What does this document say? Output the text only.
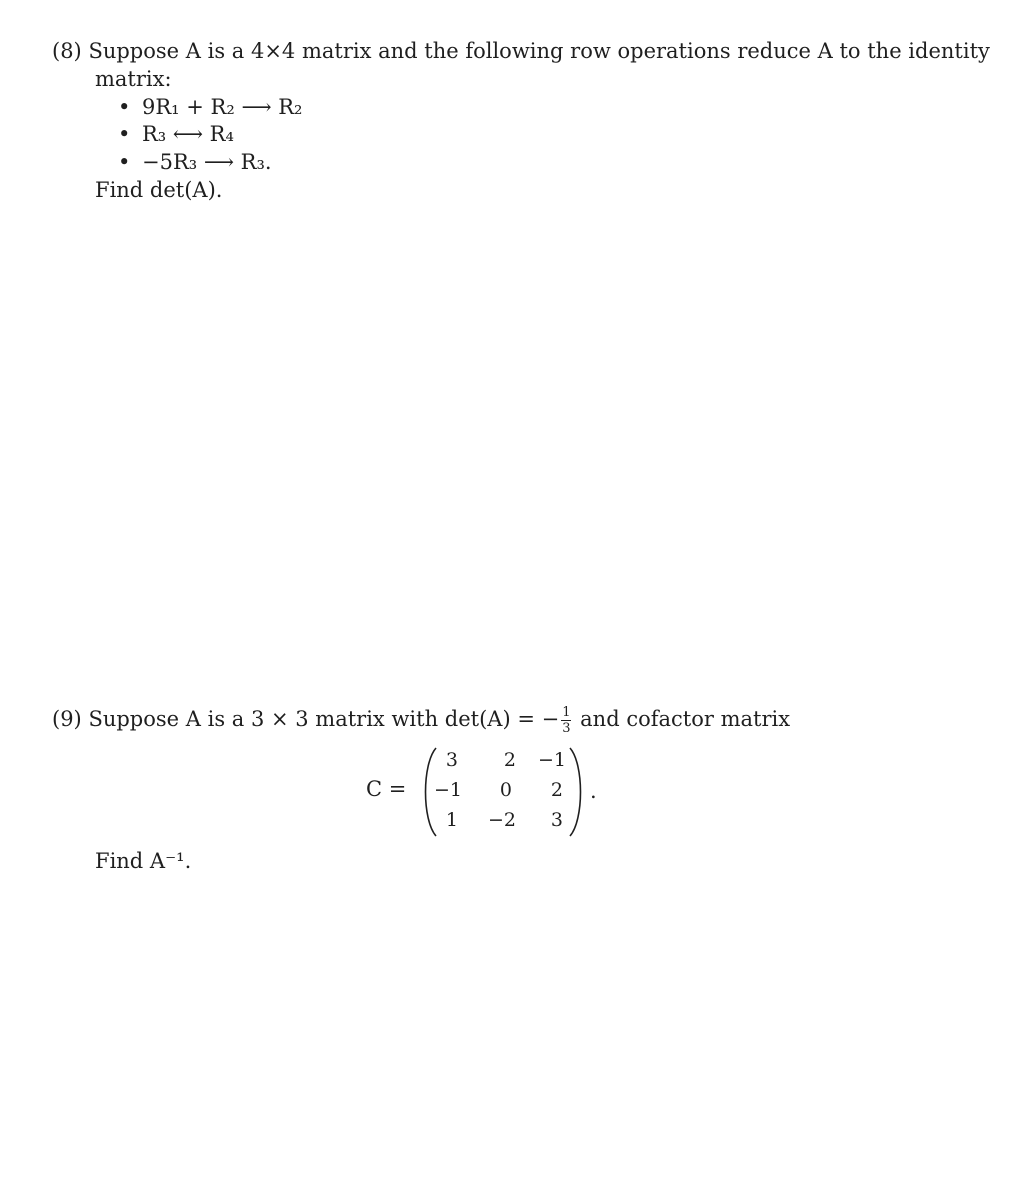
(8) Suppose A is a 4×4 matrix and the following row operations reduce A to the identity
matrix:
• 9R₁ + R₂ ⟶ R₂
• R₃ ⟷ R₄
• −5R₃ ⟶ R₃.
Find det(A).
(9) Suppose A is a 3 × 3 matrix with det(A) = − $\frac{1}{3}$ and cofactor matrix
C =
3	2	−1
−1	0	2
1	−2	3
.
Find A⁻¹.
